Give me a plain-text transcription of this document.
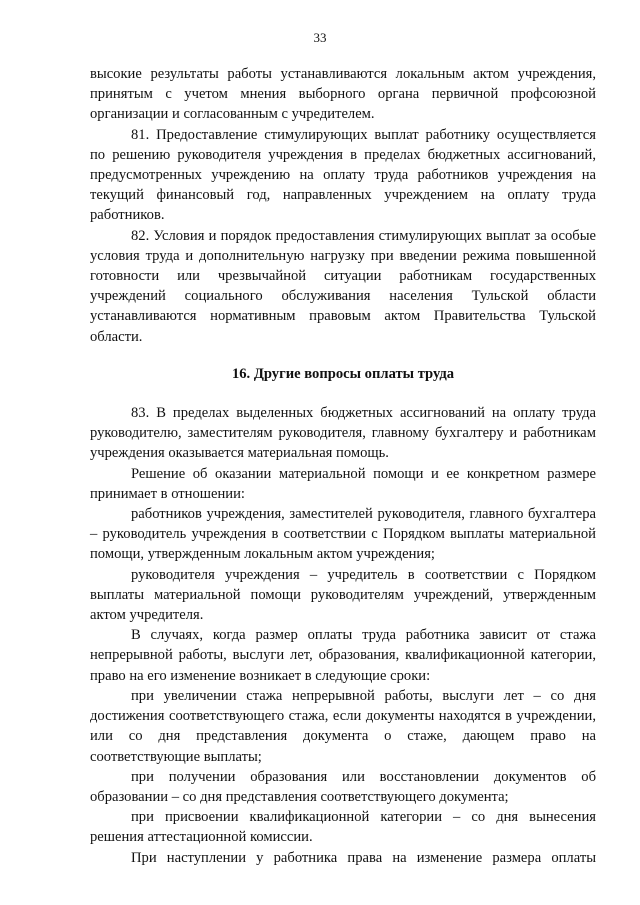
33

высокие результаты работы устанавливаются локальным актом учреждения, принятым с учетом мнения выборного органа первичной профсоюзной организации и согласованным с учредителем.

81. Предоставление стимулирующих выплат работнику осуществляется по решению руководителя учреждения в пределах бюджетных ассигнований, предусмотренных учреждению на оплату труда работников учреждения на текущий финансовый год, направленных учреждением на оплату труда работников.

82. Условия и порядок предоставления стимулирующих выплат за особые условия труда и дополнительную нагрузку при введении режима повышенной готовности или чрезвычайной ситуации работникам государственных учреждений социального обслуживания населения Тульской области устанавливаются нормативным правовым актом Правительства Тульской области.

16. Другие вопросы оплаты труда

83. В пределах выделенных бюджетных ассигнований на оплату труда руководителю, заместителям руководителя, главному бухгалтеру и работникам учреждения оказывается материальная помощь.

Решение об оказании материальной помощи и ее конкретном размере принимает в отношении:

работников учреждения, заместителей руководителя, главного бухгалтера – руководитель учреждения в соответствии с Порядком выплаты материальной помощи, утвержденным локальным актом учреждения;

руководителя учреждения – учредитель в соответствии с Порядком выплаты материальной помощи руководителям учреждений, утвержденным актом учредителя.

В случаях, когда размер оплаты труда работника зависит от стажа непрерывной работы, выслуги лет, образования, квалификационной категории, право на его изменение возникает в следующие сроки:

при увеличении стажа непрерывной работы, выслуги лет – со дня достижения соответствующего стажа, если документы находятся в учреждении, или со дня представления документа о стаже, дающем право на соответствующие выплаты;

при получении образования или восстановлении документов об образовании – со дня представления соответствующего документа;

при присвоении квалификационной категории – со дня вынесения решения аттестационной комиссии.

При наступлении у работника права на изменение размера оплаты
